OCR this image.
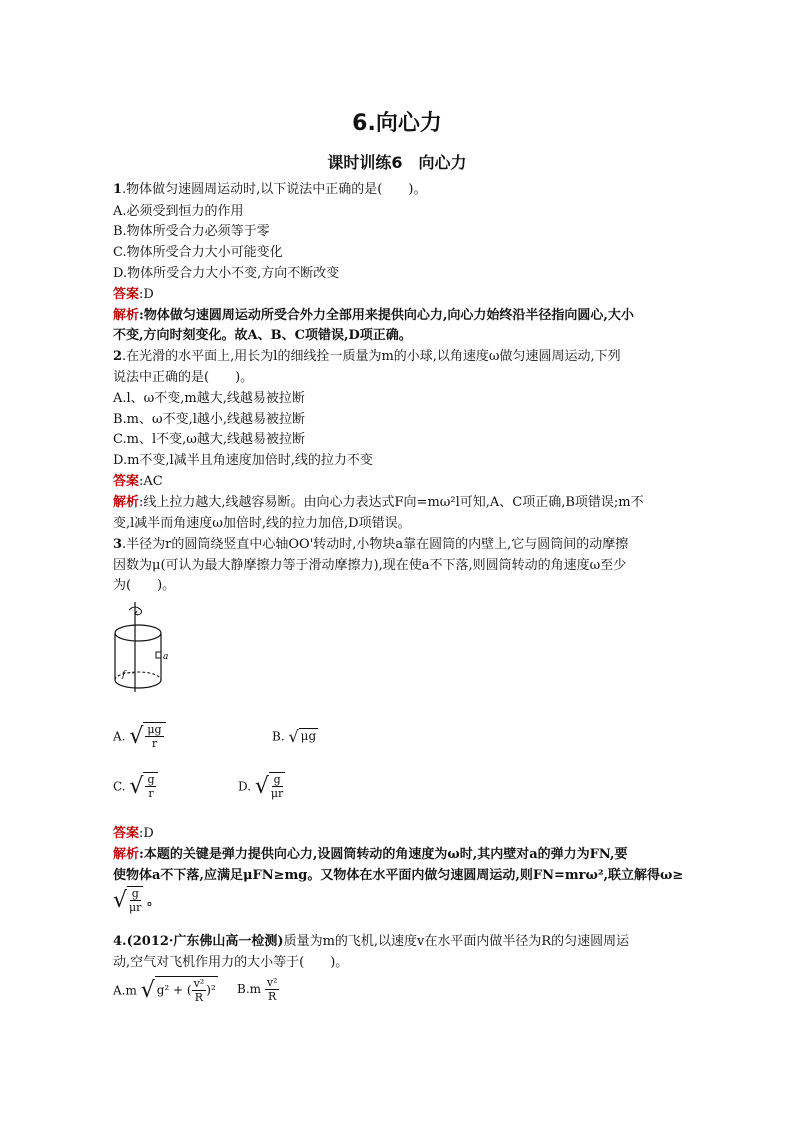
6.向心力
课时训练6　向心力
1.物体做匀速圆周运动时,以下说法中正确的是(　　)。
A.必须受到恒力的作用
B.物体所受合力必须等于零
C.物体所受合力大小可能变化
D.物体所受合力大小不变,方向不断改变
答案:D
解析:物体做匀速圆周运动所受合外力全部用来提供向心力,向心力始终沿半径指向圆心,大小
不变,方向时刻变化。故A、B、C项错误,D项正确。
2.在光滑的水平面上,用长为l的细线拴一质量为m的小球,以角速度ω做匀速圆周运动,下列
说法中正确的是(　　)。
A.l、ω不变,m越大,线越易被拉断
B.m、ω不变,l越小,线越易被拉断
C.m、l不变,ω越大,线越易被拉断
D.m不变,l减半且角速度加倍时,线的拉力不变
答案:AC
解析:线上拉力越大,线越容易断。由向心力表达式F向=mω²l可知,A、C项正确,B项错误;m不
变,l减半而角速度ω加倍时,线的拉力加倍,D项错误。
3.半径为r的圆筒绕竖直中心轴OO'转动时,小物块a靠在圆筒的内壁上,它与圆筒间的动摩擦
因数为μ(可认为最大静摩擦力等于滑动摩擦力),现在使a不下落,则圆筒转动的角速度ω至少
为(　　)。
a
f
A. √ $\frac{\mu g}{r}$	B. √ μg
C. √ $\frac{g}{r}$	D. √ $\frac{g}{\mu r}$
答案:D
解析:本题的关键是弹力提供向心力,设圆筒转动的角速度为ω时,其内壁对a的弹力为FN,要
使物体a不下落,应满足μFN≥mg。又物体在水平面内做匀速圆周运动,则FN=mrω²,联立解得ω≥
√ $\frac{g}{\mu r}$ 。
4.(2012·广东佛山高一检测)质量为m的飞机,以速度v在水平面内做半径为R的匀速圆周运
动,空气对飞机作用力的大小等于(　　)。
A.m √ g² + ( $\frac{\text{v²}}{R} )^2$ $B.m \frac{\text{v²}}{R}$
